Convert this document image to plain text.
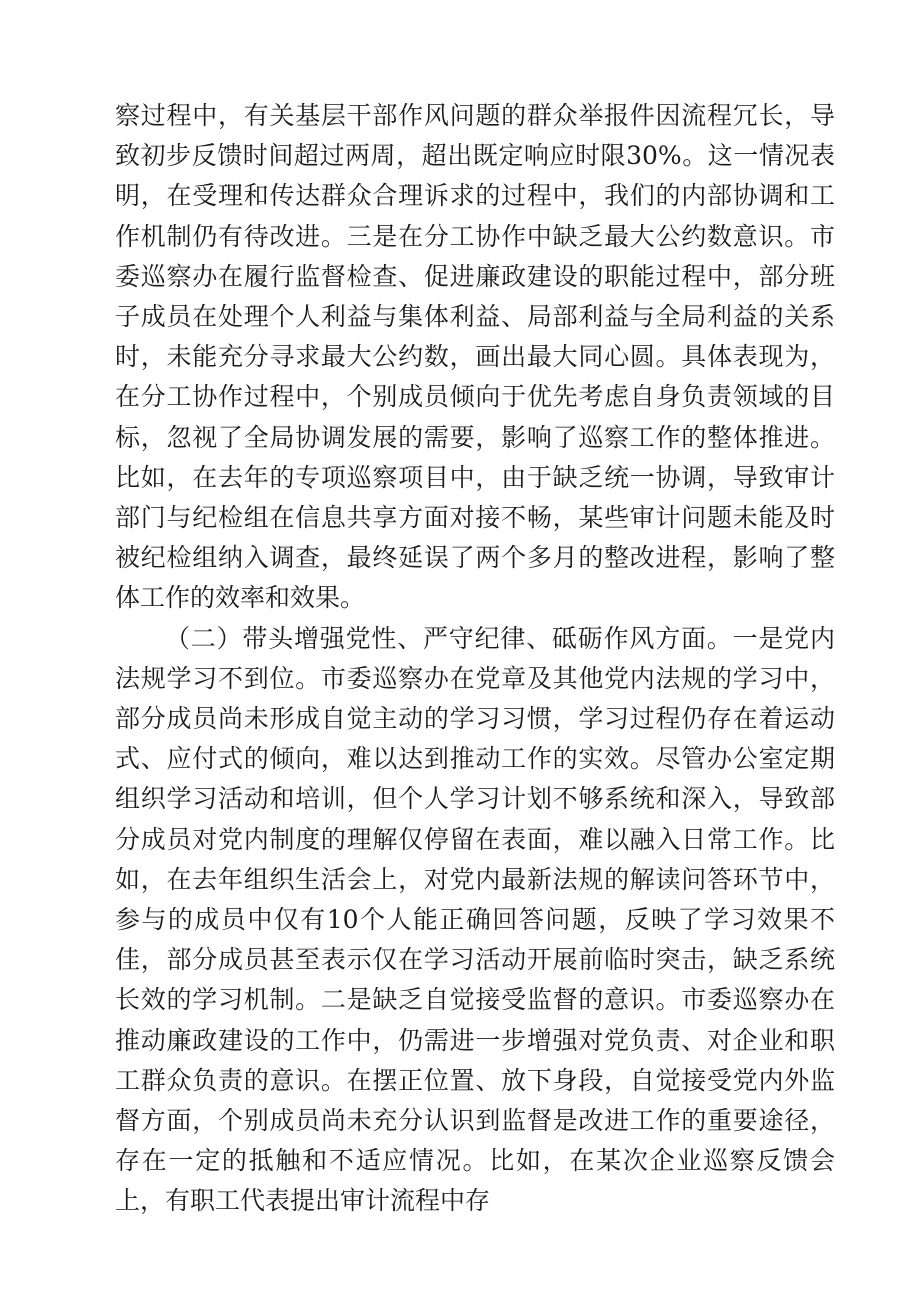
察过程中，有关基层干部作风问题的群众举报件因流程冗长，导致初步反馈时间超过两周，超出既定响应时限30%。这一情况表明，在受理和传达群众合理诉求的过程中，我们的内部协调和工作机制仍有待改进。三是在分工协作中缺乏最大公约数意识。市委巡察办在履行监督检查、促进廉政建设的职能过程中，部分班子成员在处理个人利益与集体利益、局部利益与全局利益的关系时，未能充分寻求最大公约数，画出最大同心圆。具体表现为，在分工协作过程中，个别成员倾向于优先考虑自身负责领域的目标，忽视了全局协调发展的需要，影响了巡察工作的整体推进。比如，在去年的专项巡察项目中，由于缺乏统一协调，导致审计部门与纪检组在信息共享方面对接不畅，某些审计问题未能及时被纪检组纳入调查，最终延误了两个多月的整改进程，影响了整体工作的效率和效果。

（二）带头增强党性、严守纪律、砥砺作风方面。一是党内法规学习不到位。市委巡察办在党章及其他党内法规的学习中，部分成员尚未形成自觉主动的学习习惯，学习过程仍存在着运动式、应付式的倾向，难以达到推动工作的实效。尽管办公室定期组织学习活动和培训，但个人学习计划不够系统和深入，导致部分成员对党内制度的理解仅停留在表面，难以融入日常工作。比如，在去年组织生活会上，对党内最新法规的解读问答环节中，参与的成员中仅有10个人能正确回答问题，反映了学习效果不佳，部分成员甚至表示仅在学习活动开展前临时突击，缺乏系统长效的学习机制。二是缺乏自觉接受监督的意识。市委巡察办在推动廉政建设的工作中，仍需进一步增强对党负责、对企业和职工群众负责的意识。在摆正位置、放下身段，自觉接受党内外监督方面，个别成员尚未充分认识到监督是改进工作的重要途径，存在一定的抵触和不适应情况。比如，在某次企业巡察反馈会上，有职工代表提出审计流程中存
